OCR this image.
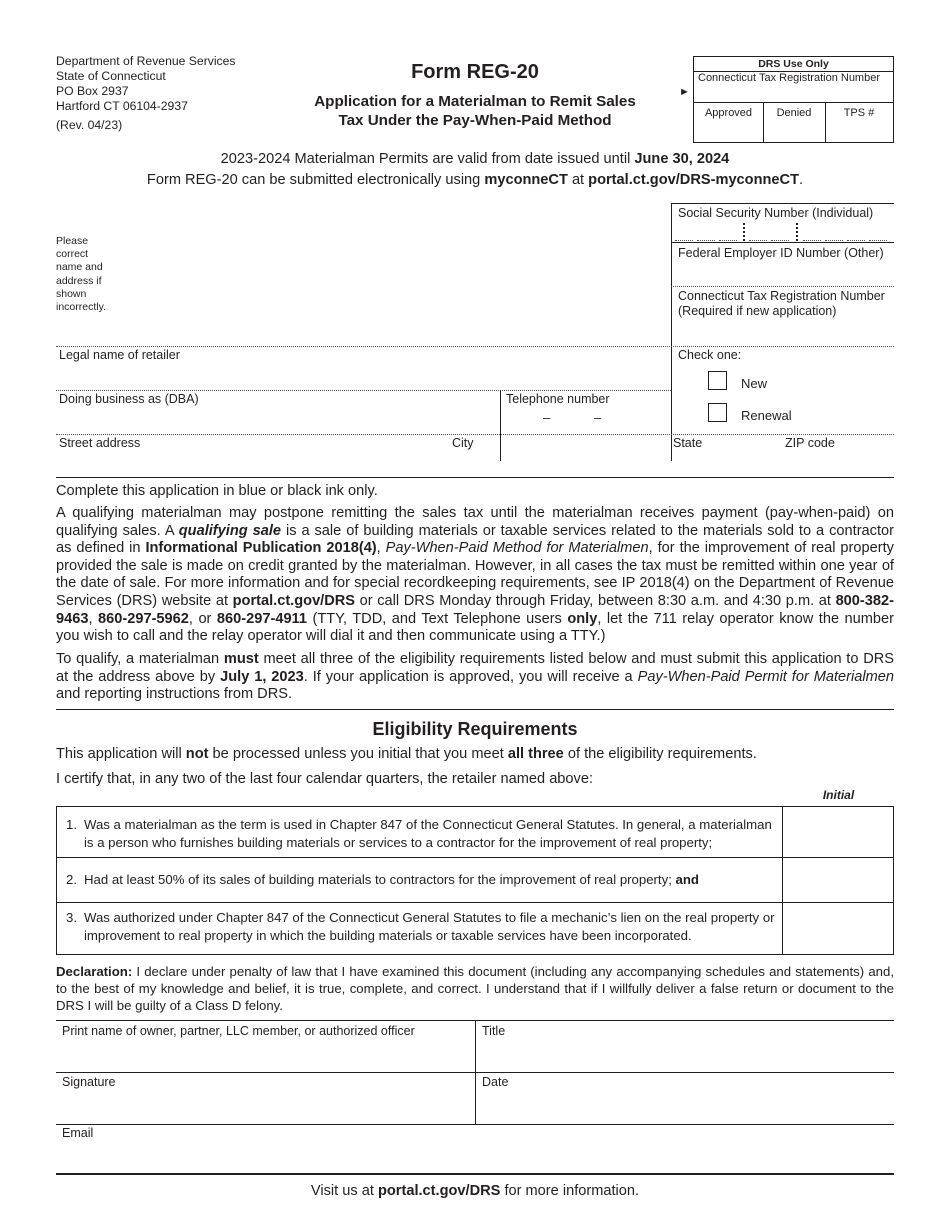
Department of Revenue Services
State of Connecticut
PO Box 2937
Hartford CT 06104-2937
(Rev. 04/23)
Form REG-20
Application for a Materialman to Remit Sales
Tax Under the Pay-When-Paid Method
►
DRS Use Only
Connecticut Tax Registration Number
Approved	Denied	TPS #
2023-2024 Materialman Permits are valid from date issued until June 30, 2024
Form REG-20 can be submitted electronically using myconneCT at portal.ct.gov/DRS-myconneCT.
Please
correct
name and
address if
shown
incorrectly.
Social Security Number (Individual)
Federal Employer ID Number (Other)
Connecticut Tax Registration Number
(Required if new application)
Legal name of retailer	Check one:
New
Renewal
Doing business as (DBA)	Telephone number
–	–
Street address	City	State	ZIP code
Complete this application in blue or black ink only.
A qualifying materialman may postpone remitting the sales tax until the materialman receives payment (pay-when-paid) on qualifying sales. A qualifying sale is a sale of building materials or taxable services related to the materials sold to a contractor as defined in Informational Publication 2018(4), Pay-When-Paid Method for Materialmen, for the improvement of real property provided the sale is made on credit granted by the materialman. However, in all cases the tax must be remitted within one year of the date of sale. For more information and for special recordkeeping requirements, see IP 2018(4) on the Department of Revenue Services (DRS) website at portal.ct.gov/DRS or call DRS Monday through Friday, between 8:30 a.m. and 4:30 p.m. at 800-382-9463, 860-297-5962, or 860-297-4911 (TTY, TDD, and Text Telephone users only, let the 711 relay operator know the number you wish to call and the relay operator will dial it and then communicate using a TTY.)
To qualify, a materialman must meet all three of the eligibility requirements listed below and must submit this application to DRS at the address above by July 1, 2023. If your application is approved, you will receive a Pay-When-Paid Permit for Materialmen and reporting instructions from DRS.
Eligibility Requirements
This application will not be processed unless you initial that you meet all three of the eligibility requirements.
I certify that, in any two of the last four calendar quarters, the retailer named above:
Initial
1. Was a materialman as the term is used in Chapter 847 of the Connecticut General Statutes. In general, a materialman is a person who furnishes building materials or services to a contractor for the improvement of real property;
2. Had at least 50% of its sales of building materials to contractors for the improvement of real property; and
3. Was authorized under Chapter 847 of the Connecticut General Statutes to file a mechanic’s lien on the real property or improvement to real property in which the building materials or taxable services have been incorporated.
Declaration: I declare under penalty of law that I have examined this document (including any accompanying schedules and statements) and, to the best of my knowledge and belief, it is true, complete, and correct. I understand that if I willfully deliver a false return or document to the DRS I will be guilty of a Class D felony.
Print name of owner, partner, LLC member, or authorized officer	Title
Signature	Date
Email
Visit us at portal.ct.gov/DRS for more information.
